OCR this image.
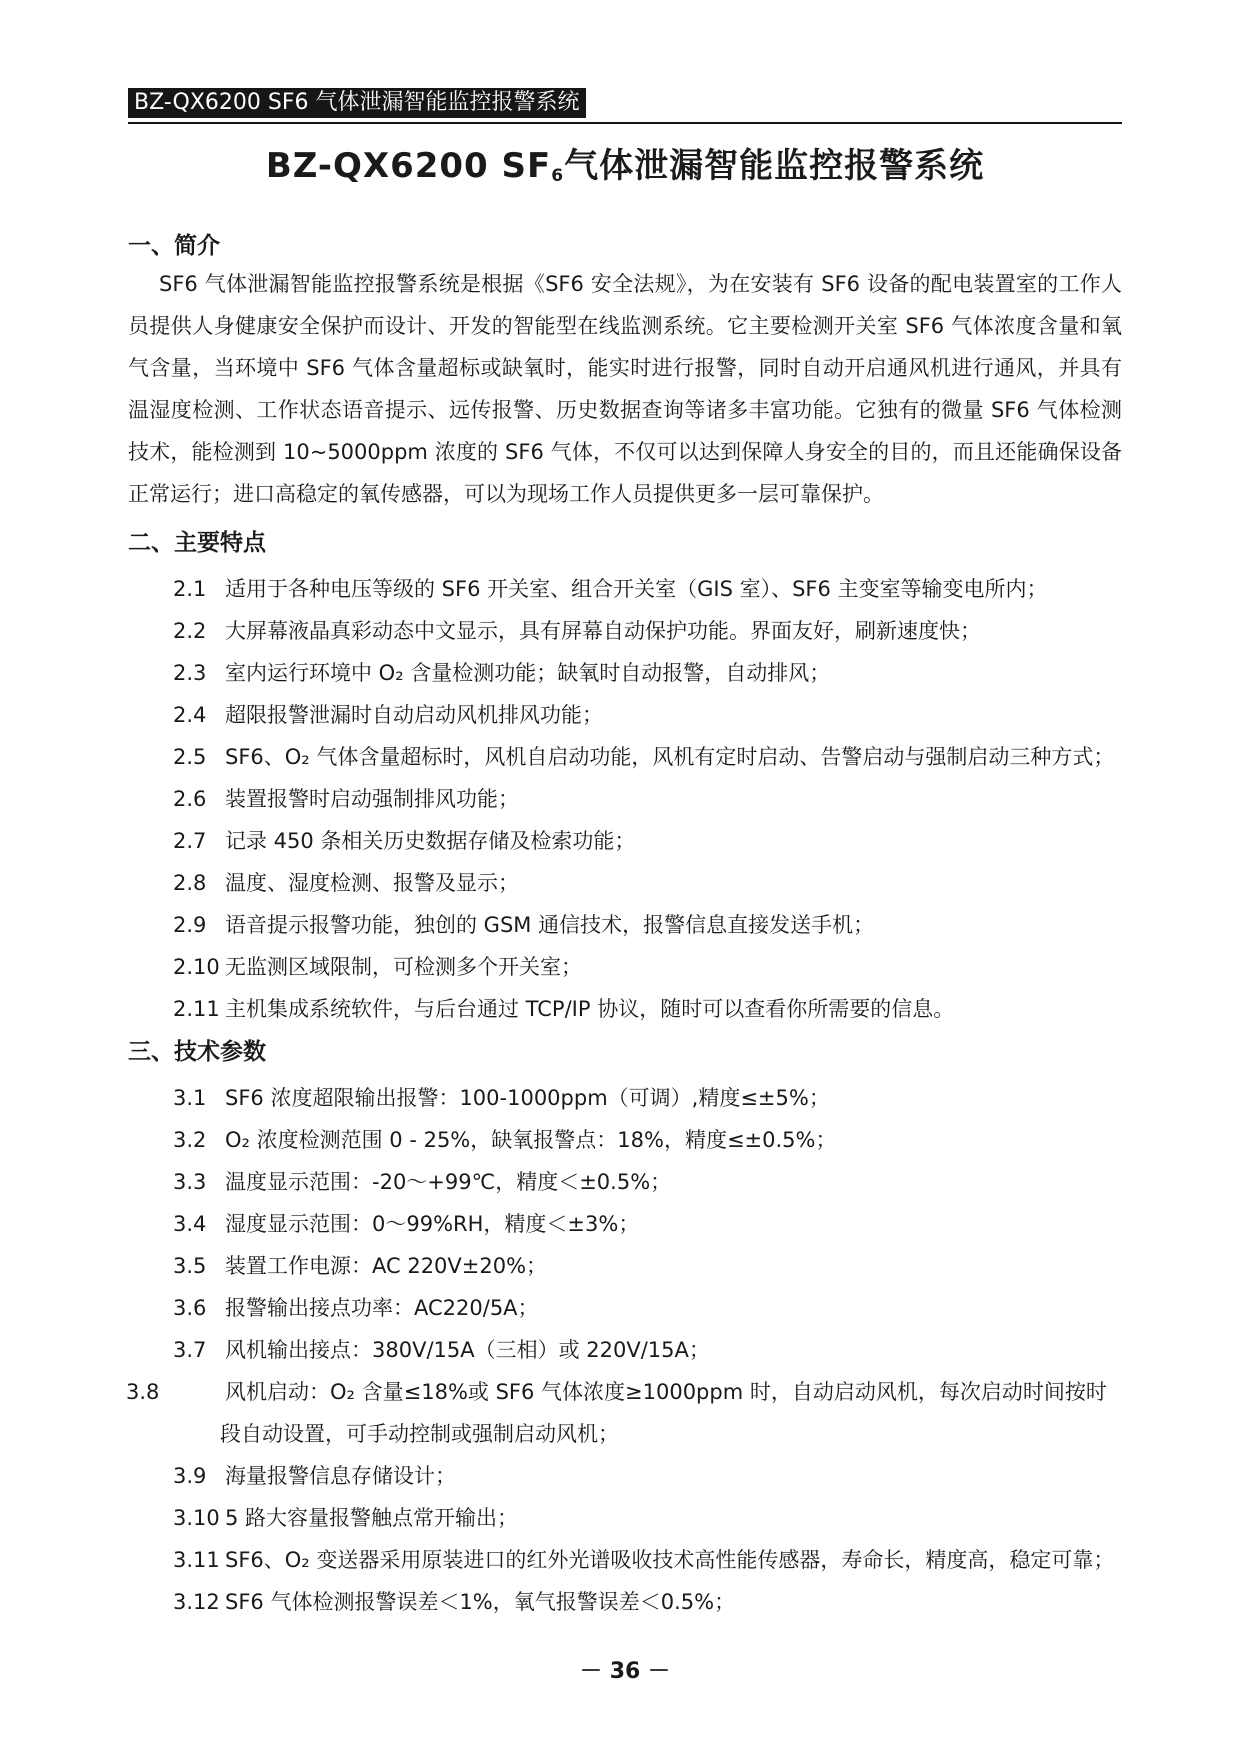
BZ-QX6200 SF6 气体泄漏智能监控报警系统
BZ-QX6200 $SF_6$气体泄漏智能监控报警系统
一、简介
SF6 气体泄漏智能监控报警系统是根据《SF6 安全法规》，为在安装有 SF6 设备的配电装置室的工作人员提供人身健康安全保护而设计、开发的智能型在线监测系统。它主要检测开关室 SF6 气体浓度含量和氧气含量，当环境中 SF6 气体含量超标或缺氧时，能实时进行报警，同时自动开启通风机进行通风，并具有温湿度检测、工作状态语音提示、远传报警、历史数据查询等诸多丰富功能。它独有的微量 SF6 气体检测技术，能检测到 10~5000ppm 浓度的 SF6 气体，不仅可以达到保障人身安全的目的，而且还能确保设备正常运行；进口高稳定的氧传感器，可以为现场工作人员提供更多一层可靠保护。
二、主要特点
2.1 适用于各种电压等级的 SF6 开关室、组合开关室（GIS 室）、SF6 主变室等输变电所内；
2.2 大屏幕液晶真彩动态中文显示，具有屏幕自动保护功能。界面友好，刷新速度快；
2.3 室内运行环境中 O₂ 含量检测功能；缺氧时自动报警，自动排风；
2.4 超限报警泄漏时自动启动风机排风功能；
2.5 SF6、O₂ 气体含量超标时，风机自启动功能，风机有定时启动、告警启动与强制启动三种方式；
2.6 装置报警时启动强制排风功能；
2.7 记录 450 条相关历史数据存储及检索功能；
2.8 温度、湿度检测、报警及显示；
2.9 语音提示报警功能，独创的 GSM 通信技术，报警信息直接发送手机；
2.10 无监测区域限制，可检测多个开关室；
2.11 主机集成系统软件，与后台通过 TCP/IP 协议，随时可以查看你所需要的信息。
三、技术参数
3.1 SF6 浓度超限输出报警：100-1000ppm（可调）,精度≤±5%；
3.2 O₂ 浓度检测范围 0 - 25%，缺氧报警点：18%，精度≤±0.5%；
3.3 温度显示范围：-20～+99℃，精度＜±0.5%；
3.4 湿度显示范围：0～99%RH，精度＜±3%；
3.5 装置工作电源：AC 220V±20%；
3.6 报警输出接点功率：AC220/5A；
3.7 风机输出接点：380V/15A（三相）或 220V/15A；
3.8	风机启动：O₂ 含量≤18%或 SF6 气体浓度≥1000ppm 时，自动启动风机，每次启动时间按时段自动设置，可手动控制或强制启动风机；
3.9 海量报警信息存储设计；
3.10 5 路大容量报警触点常开输出；
3.11 SF6、O₂ 变送器采用原装进口的红外光谱吸收技术高性能传感器，寿命长，精度高，稳定可靠；
3.12 SF6 气体检测报警误差＜1%，氧气报警误差＜0.5%；
－ 36 －
